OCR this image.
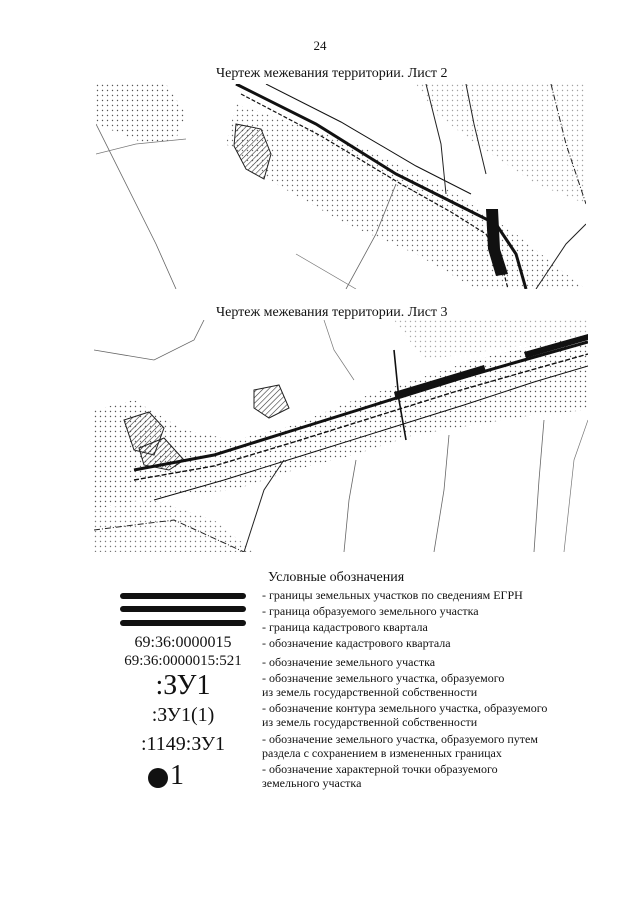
24
Чертеж межевания территории. Лист 2
Чертеж межевания территории. Лист 3
Условные обозначения
69:36:0000015
69:36:0000015:521
:ЗУ1
:ЗУ1(1)
:1149:ЗУ1
1
- границы земельных участков по сведениям ЕГРН
- граница образуемого земельного участка
- граница кадастрового квартала
- обозначение кадастрового квартала
- обозначение земельного участка
- обозначение земельного участка, образуемого
из земель государственной собственности
- обозначение контура земельного участка, образуемого
из земель государственной собственности
- обозначение земельного участка, образуемого путем
раздела с сохранением в измененных границах
- обозначение характерной точки образуемого
земельного участка
